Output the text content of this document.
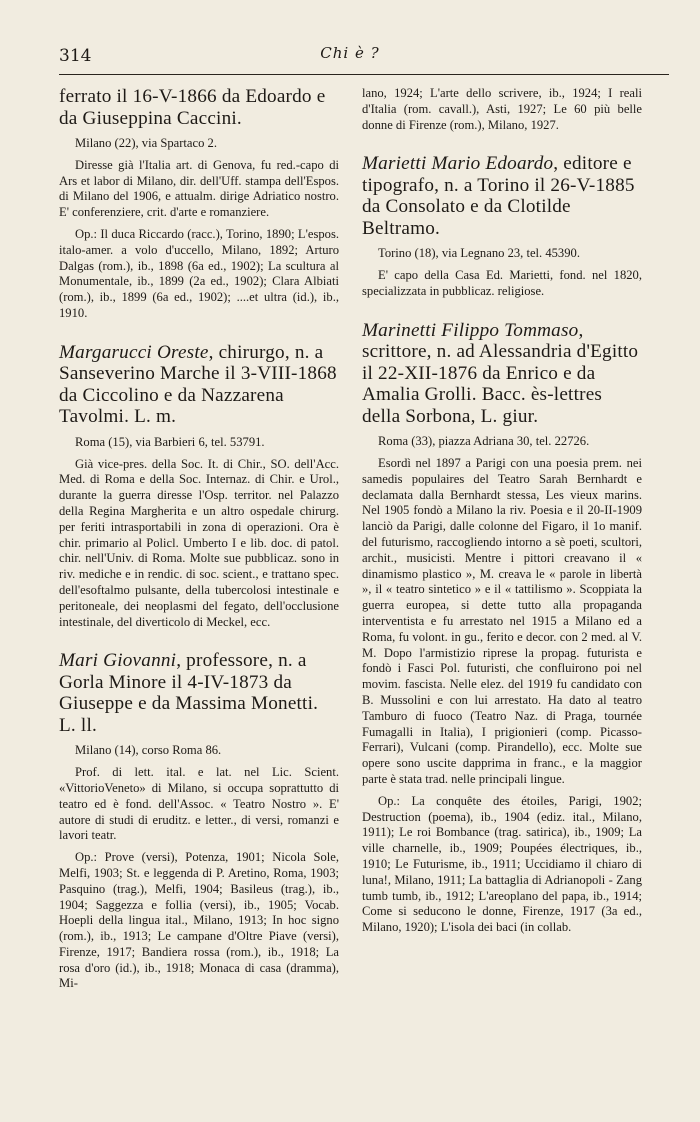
314	Chi è ?
ferrato il 16-V-1866 da Edoardo e da Giuseppina Caccini.
Milano (22), via Spartaco 2.
Diresse già l'Italia art. di Genova, fu red.-capo di Ars et labor di Milano, dir. dell'Uff. stampa dell'Espos. di Milano del 1906, e attualm. dirige Adriatico nostro. E' conferenziere, crit. d'arte e romanziere.
Op.: Il duca Riccardo (racc.), Torino, 1890; L'espos. italo-amer. a volo d'uccello, Milano, 1892; Arturo Dalgas (rom.), ib., 1898 (6a ed., 1902); La scultura al Monumentale, ib., 1899 (2a ed., 1902); Clara Albiati (rom.), ib., 1899 (6a ed., 1902); ....et ultra (id.), ib., 1910.
Margarucci Oreste, chirurgo, n. a Sanseverino Marche il 3-VIII-1868 da Ciccolino e da Nazzarena Tavolmi. L. m.
Roma (15), via Barbieri 6, tel. 53791.
Già vice-pres. della Soc. It. di Chir., SO. dell'Acc. Med. di Roma e della Soc. Internaz. di Chir. e Urol., durante la guerra diresse l'Osp. territor. nel Palazzo della Regina Margherita e un altro ospedale chirurg. per feriti intrasportabili in zona di operazioni. Ora è chir. primario al Policl. Umberto I e lib. doc. di patol. chir. nell'Univ. di Roma. Molte sue pubblicaz. sono in riv. mediche e in rendic. di soc. scient., e trattano spec. dell'esoftalmo pulsante, della tubercolosi intestinale e peritoneale, dei neoplasmi del fegato, dell'occlusione intestinale, del diverticolo di Meckel, ecc.
Mari Giovanni, professore, n. a Gorla Minore il 4-IV-1873 da Giuseppe e da Massima Monetti. L. ll.
Milano (14), corso Roma 86.
Prof. di lett. ital. e lat. nel Lic. Scient. «VittorioVeneto» di Milano, si occupa soprattutto di teatro ed è fond. dell'Assoc. « Teatro Nostro ». E' autore di studi di eruditz. e letter., di versi, romanzi e lavori teatr.
Op.: Prove (versi), Potenza, 1901; Nicola Sole, Melfi, 1903; St. e leggenda di P. Aretino, Roma, 1903; Pasquino (trag.), Melfi, 1904; Basileus (trag.), ib., 1904; Saggezza e follia (versi), ib., 1905; Vocab. Hoepli della lingua ital., Milano, 1913; In hoc signo (rom.), ib., 1913; Le campane d'Oltre Piave (versi), Firenze, 1917; Bandiera rossa (rom.), ib., 1918; La rosa d'oro (id.), ib., 1918; Monaca di casa (dramma), Mi-
lano, 1924; L'arte dello scrivere, ib., 1924; I reali d'Italia (rom. cavall.), Asti, 1927; Le 60 più belle donne di Firenze (rom.), Milano, 1927.
Marietti Mario Edoardo, editore e tipografo, n. a Torino il 26-V-1885 da Consolato e da Clotilde Beltramo.
Torino (18), via Legnano 23, tel. 45390.
E' capo della Casa Ed. Marietti, fond. nel 1820, specializzata in pubblicaz. religiose.
Marinetti Filippo Tommaso, scrittore, n. ad Alessandria d'Egitto il 22-XII-1876 da Enrico e da Amalia Grolli. Bacc. ès-lettres della Sorbona, L. giur.
Roma (33), piazza Adriana 30, tel. 22726.
Esordì nel 1897 a Parigi con una poesia prem. nei samedis populaires del Teatro Sarah Bernhardt e declamata dalla Bernhardt stessa, Les vieux marins. Nel 1905 fondò a Milano la riv. Poesia e il 20-II-1909 lanciò da Parigi, dalle colonne del Figaro, il 1o manif. del futurismo, raccogliendo intorno a sè poeti, scultori, archit., musicisti. Mentre i pittori creavano il « dinamismo plastico », M. creava le « parole in libertà », il « teatro sintetico » e il « tattilismo ». Scoppiata la guerra europea, si dette tutto alla propaganda interventista e fu arrestato nel 1915 a Milano ed a Roma, fu volont. in gu., ferito e decor. con 2 med. al V. M. Dopo l'armistizio riprese la propag. futurista e fondò i Fasci Pol. futuristi, che confluirono poi nel movim. fascista. Nelle elez. del 1919 fu candidato con B. Mussolini e con lui arrestato. Ha dato al teatro Tamburo di fuoco (Teatro Naz. di Praga, tournée Fumagalli in Italia), I prigionieri (comp. Picasso-Ferrari), Vulcani (comp. Pirandello), ecc. Molte sue opere sono uscite dapprima in franc., e la maggior parte è stata trad. nelle principali lingue.
Op.: La conquête des étoiles, Parigi, 1902; Destruction (poema), ib., 1904 (ediz. ital., Milano, 1911); Le roi Bombance (trag. satirica), ib., 1909; La ville charnelle, ib., 1909; Poupées électriques, ib., 1910; Le Futurisme, ib., 1911; Uccidiamo il chiaro di luna!, Milano, 1911; La battaglia di Adrianopoli - Zang tumb tumb, ib., 1912; L'areoplano del papa, ib., 1914; Come si seducono le donne, Firenze, 1917 (3a ed., Milano, 1920); L'isola dei baci (in collab.
